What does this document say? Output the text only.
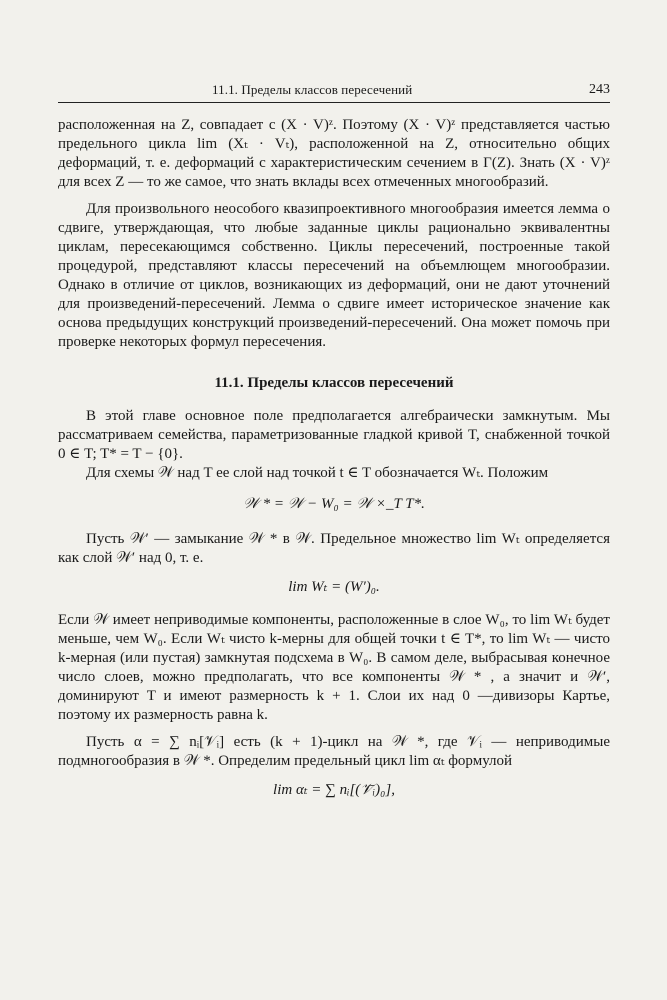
11.1. Пределы классов пересечений	243

расположенная на Z, совпадает с (X · V)ᶻ. Поэтому (X · V)ᶻ представляется частью предельного цикла lim (Xₜ · Vₜ), расположенной на Z, относительно общих деформаций, т. е. деформаций с характеристическим сечением в Γ(Z). Знать (X · V)ᶻ для всех Z — то же самое, что знать вклады всех отмеченных многообразий.

Для произвольного неособого квазипроективного многообразия имеется лемма о сдвиге, утверждающая, что любые заданные циклы рационально эквивалентны циклам, пересекающимся собственно. Циклы пересечений, построенные такой процедурой, представляют классы пересечений на объемлющем многообразии. Однако в отличие от циклов, возникающих из деформаций, они не дают уточнений для произведений-пересечений. Лемма о сдвиге имеет историческое значение как основа предыдущих конструкций произведений-пересечений. Она может помочь при проверке некоторых формул пересечения.

11.1. Пределы классов пересечений

В этой главе основное поле предполагается алгебраически замкнутым. Мы рассматриваем семейства, параметризованные гладкой кривой T, снабженной точкой 0 ∈ T; T* = T − {0}.

Для схемы 𝒲 над T ее слой над точкой t ∈ T обозначается Wₜ. Положим

𝒲 * = 𝒲 − W₀ = 𝒲 ×_T T*.

Пусть 𝒲′ — замыкание 𝒲 * в 𝒲. Предельное множество lim Wₜ определяется как слой 𝒲′ над 0, т. е.

lim Wₜ = (W′)₀.

Если 𝒲 имеет неприводимые компоненты, расположенные в слое W₀, то lim Wₜ будет меньше, чем W₀. Если Wₜ чисто k-мерны для общей точки t ∈ T*, то lim Wₜ — чисто k-мерная (или пустая) замкнутая подсхема в W₀. В самом деле, выбрасывая конечное число слоев, можно предполагать, что все компоненты 𝒲 * , а значит и 𝒲′, доминируют T и имеют размерность k + 1. Слои их над 0 —дивизоры Картье, поэтому их размерность равна k.

Пусть α = ∑ nᵢ[𝒱ᵢ] есть (k + 1)-цикл на 𝒲 *, где 𝒱ᵢ — неприводимые подмногообразия в 𝒲 *. Определим предельный цикл lim αₜ формулой

lim αₜ = ∑ nᵢ[(𝒱̄ᵢ)₀],
